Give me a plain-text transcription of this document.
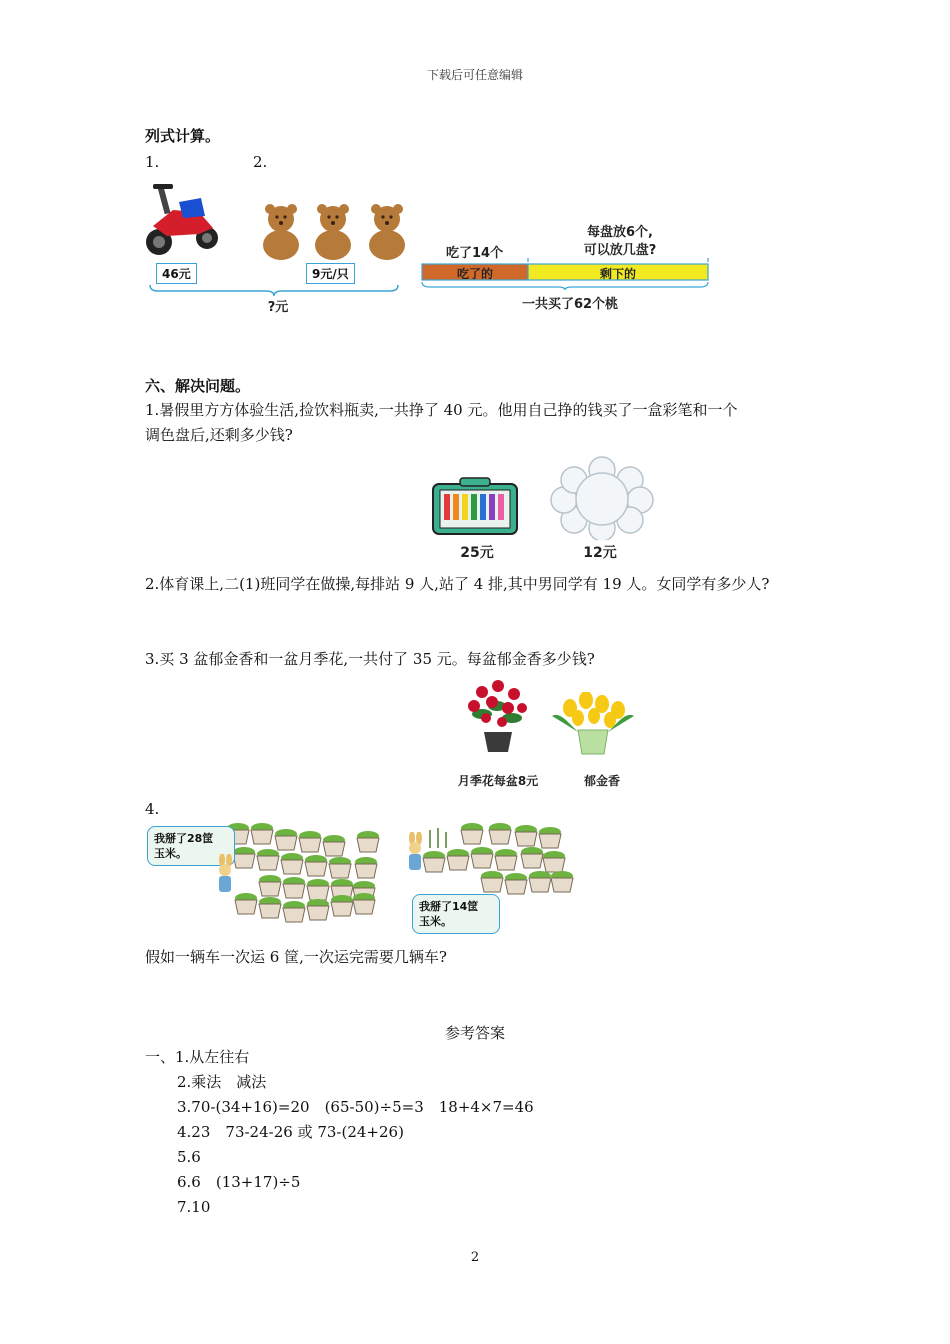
下载后可任意编辑
列式计算。
1.	2.
46元	9元/只
?元
吃了14个
每盘放6个,
可以放几盘?
吃了的	剩下的
一共买了62个桃
六、解决问题。
1.暑假里方方体验生活,捡饮料瓶卖,一共挣了 40 元。他用自己挣的钱买了一盒彩笔和一个
调色盘后,还剩多少钱?
25元	12元
2.体育课上,二(1)班同学在做操,每排站 9 人,站了 4 排,其中男同学有 19 人。女同学有多少人?
3.买 3 盆郁金香和一盆月季花,一共付了 35 元。每盆郁金香多少钱?
月季花每盆8元	郁金香
4.
我掰了28筐
玉米。
我掰了14筐
玉米。
假如一辆车一次运 6 筐,一次运完需要几辆车?
参考答案
一、1.从左往右
2.乘法　减法
3.70-(34+16)=20　(65-50)÷5=3　18+4×7=46
4.23　73-24-26 或 73-(24+26)
5.6
6.6　(13+17)÷5
7.10
2
